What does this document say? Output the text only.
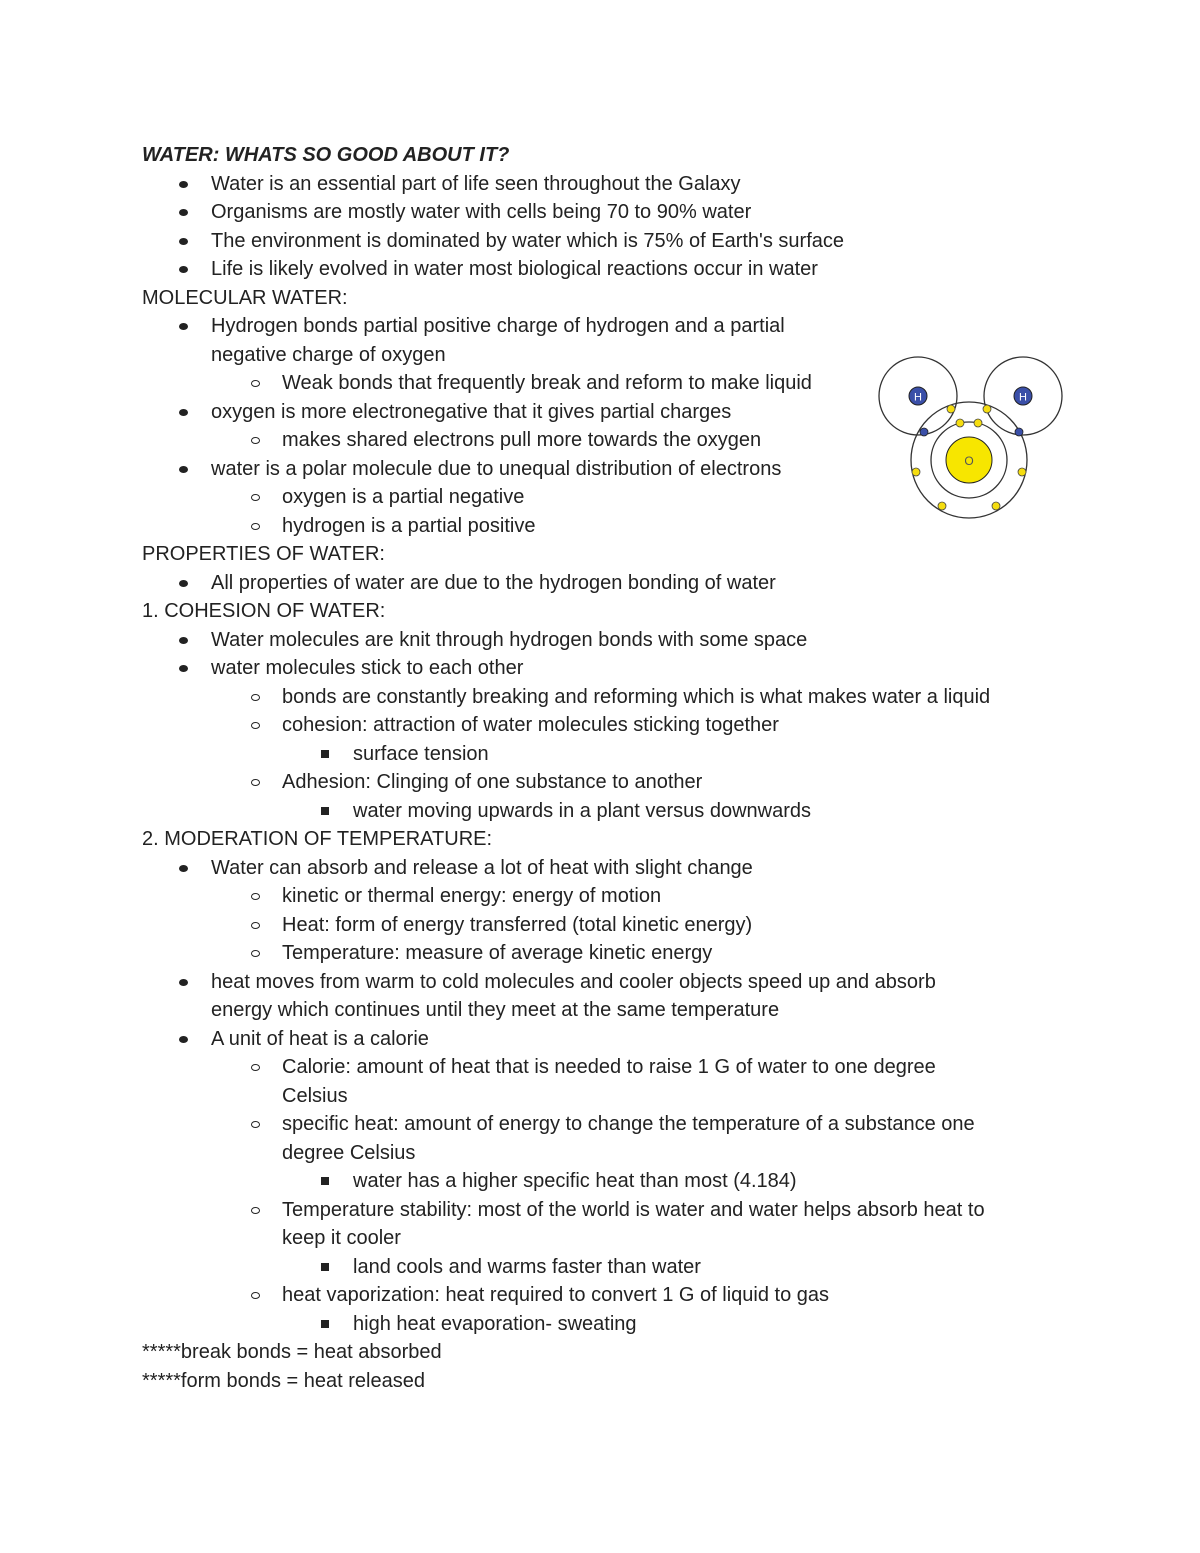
WATER: WHATS SO GOOD ABOUT IT?
Water is an essential part of life seen throughout the Galaxy
Organisms are mostly water with cells being 70 to 90% water
The environment is dominated by water which is 75% of Earth's surface
Life is likely evolved in water most biological reactions occur in water
MOLECULAR WATER:
Hydrogen bonds partial positive charge of hydrogen and a partial
negative charge of oxygen
Weak bonds that frequently break and reform to make liquid
oxygen is more electronegative that it gives partial charges
makes shared electrons pull more towards the oxygen
water is a polar molecule due to unequal distribution of electrons
oxygen is a partial negative
hydrogen is a partial positive
PROPERTIES OF WATER:
All properties of water are due to the hydrogen bonding of water
1. COHESION OF WATER:
Water molecules are knit through hydrogen bonds with some space
water molecules stick to each other
bonds are constantly breaking and reforming which is what makes water a liquid
cohesion: attraction of water molecules sticking together
surface tension
Adhesion: Clinging of one substance to another
water moving upwards in a plant versus downwards
2. MODERATION OF TEMPERATURE:
Water can absorb and release a lot of heat with slight change
kinetic or thermal energy: energy of motion
Heat: form of energy transferred (total kinetic energy)
Temperature: measure of average kinetic energy
heat moves from warm to cold molecules and cooler objects speed up and absorb
energy which continues until they meet at the same temperature
A unit of heat is a calorie
Calorie: amount of heat that is needed to raise 1 G of water to one degree
Celsius
specific heat: amount of energy to change the temperature of a substance one
degree Celsius
water has a higher specific heat than most (4.184)
Temperature stability: most of the world is water and water helps absorb heat to
keep it cooler
land cools and warms faster than water
heat vaporization: heat required to convert 1 G of liquid to gas
high heat evaporation- sweating
*****break bonds = heat absorbed
*****form bonds = heat released
H	H
O
